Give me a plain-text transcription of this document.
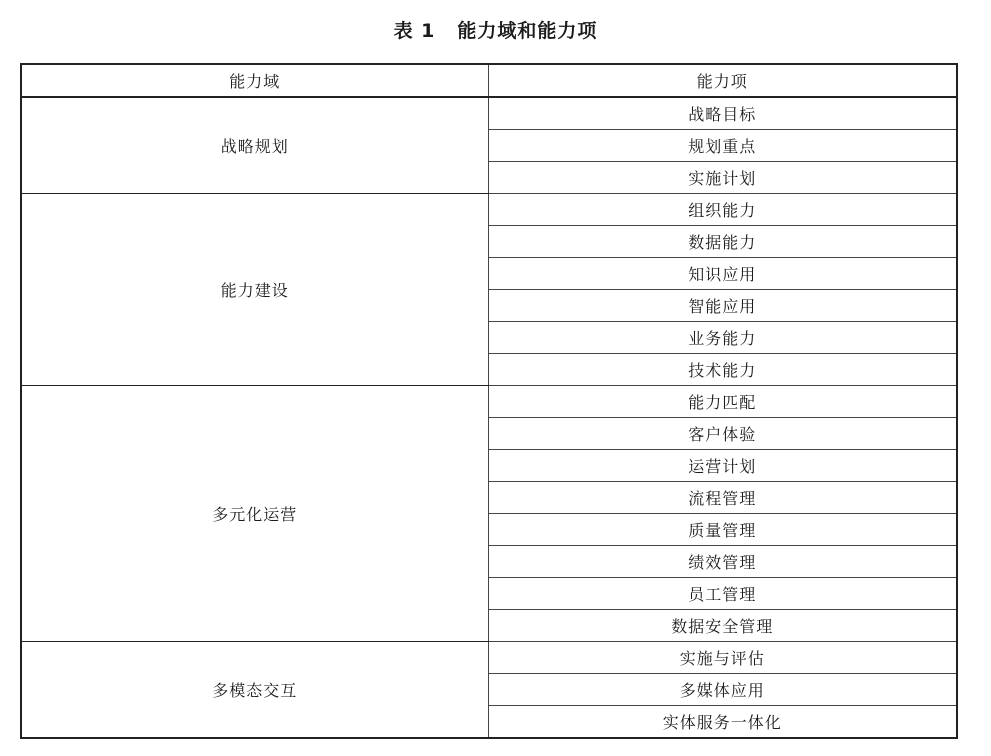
表 1 能力域和能力项
能力域	能力项
战略规划	战略目标
	规划重点
	实施计划
能力建设	组织能力
	数据能力
	知识应用
	智能应用
	业务能力
	技术能力
多元化运营	能力匹配
	客户体验
	运营计划
	流程管理
	质量管理
	绩效管理
	员工管理
	数据安全管理
多模态交互	实施与评估
	多媒体应用
	实体服务一体化
